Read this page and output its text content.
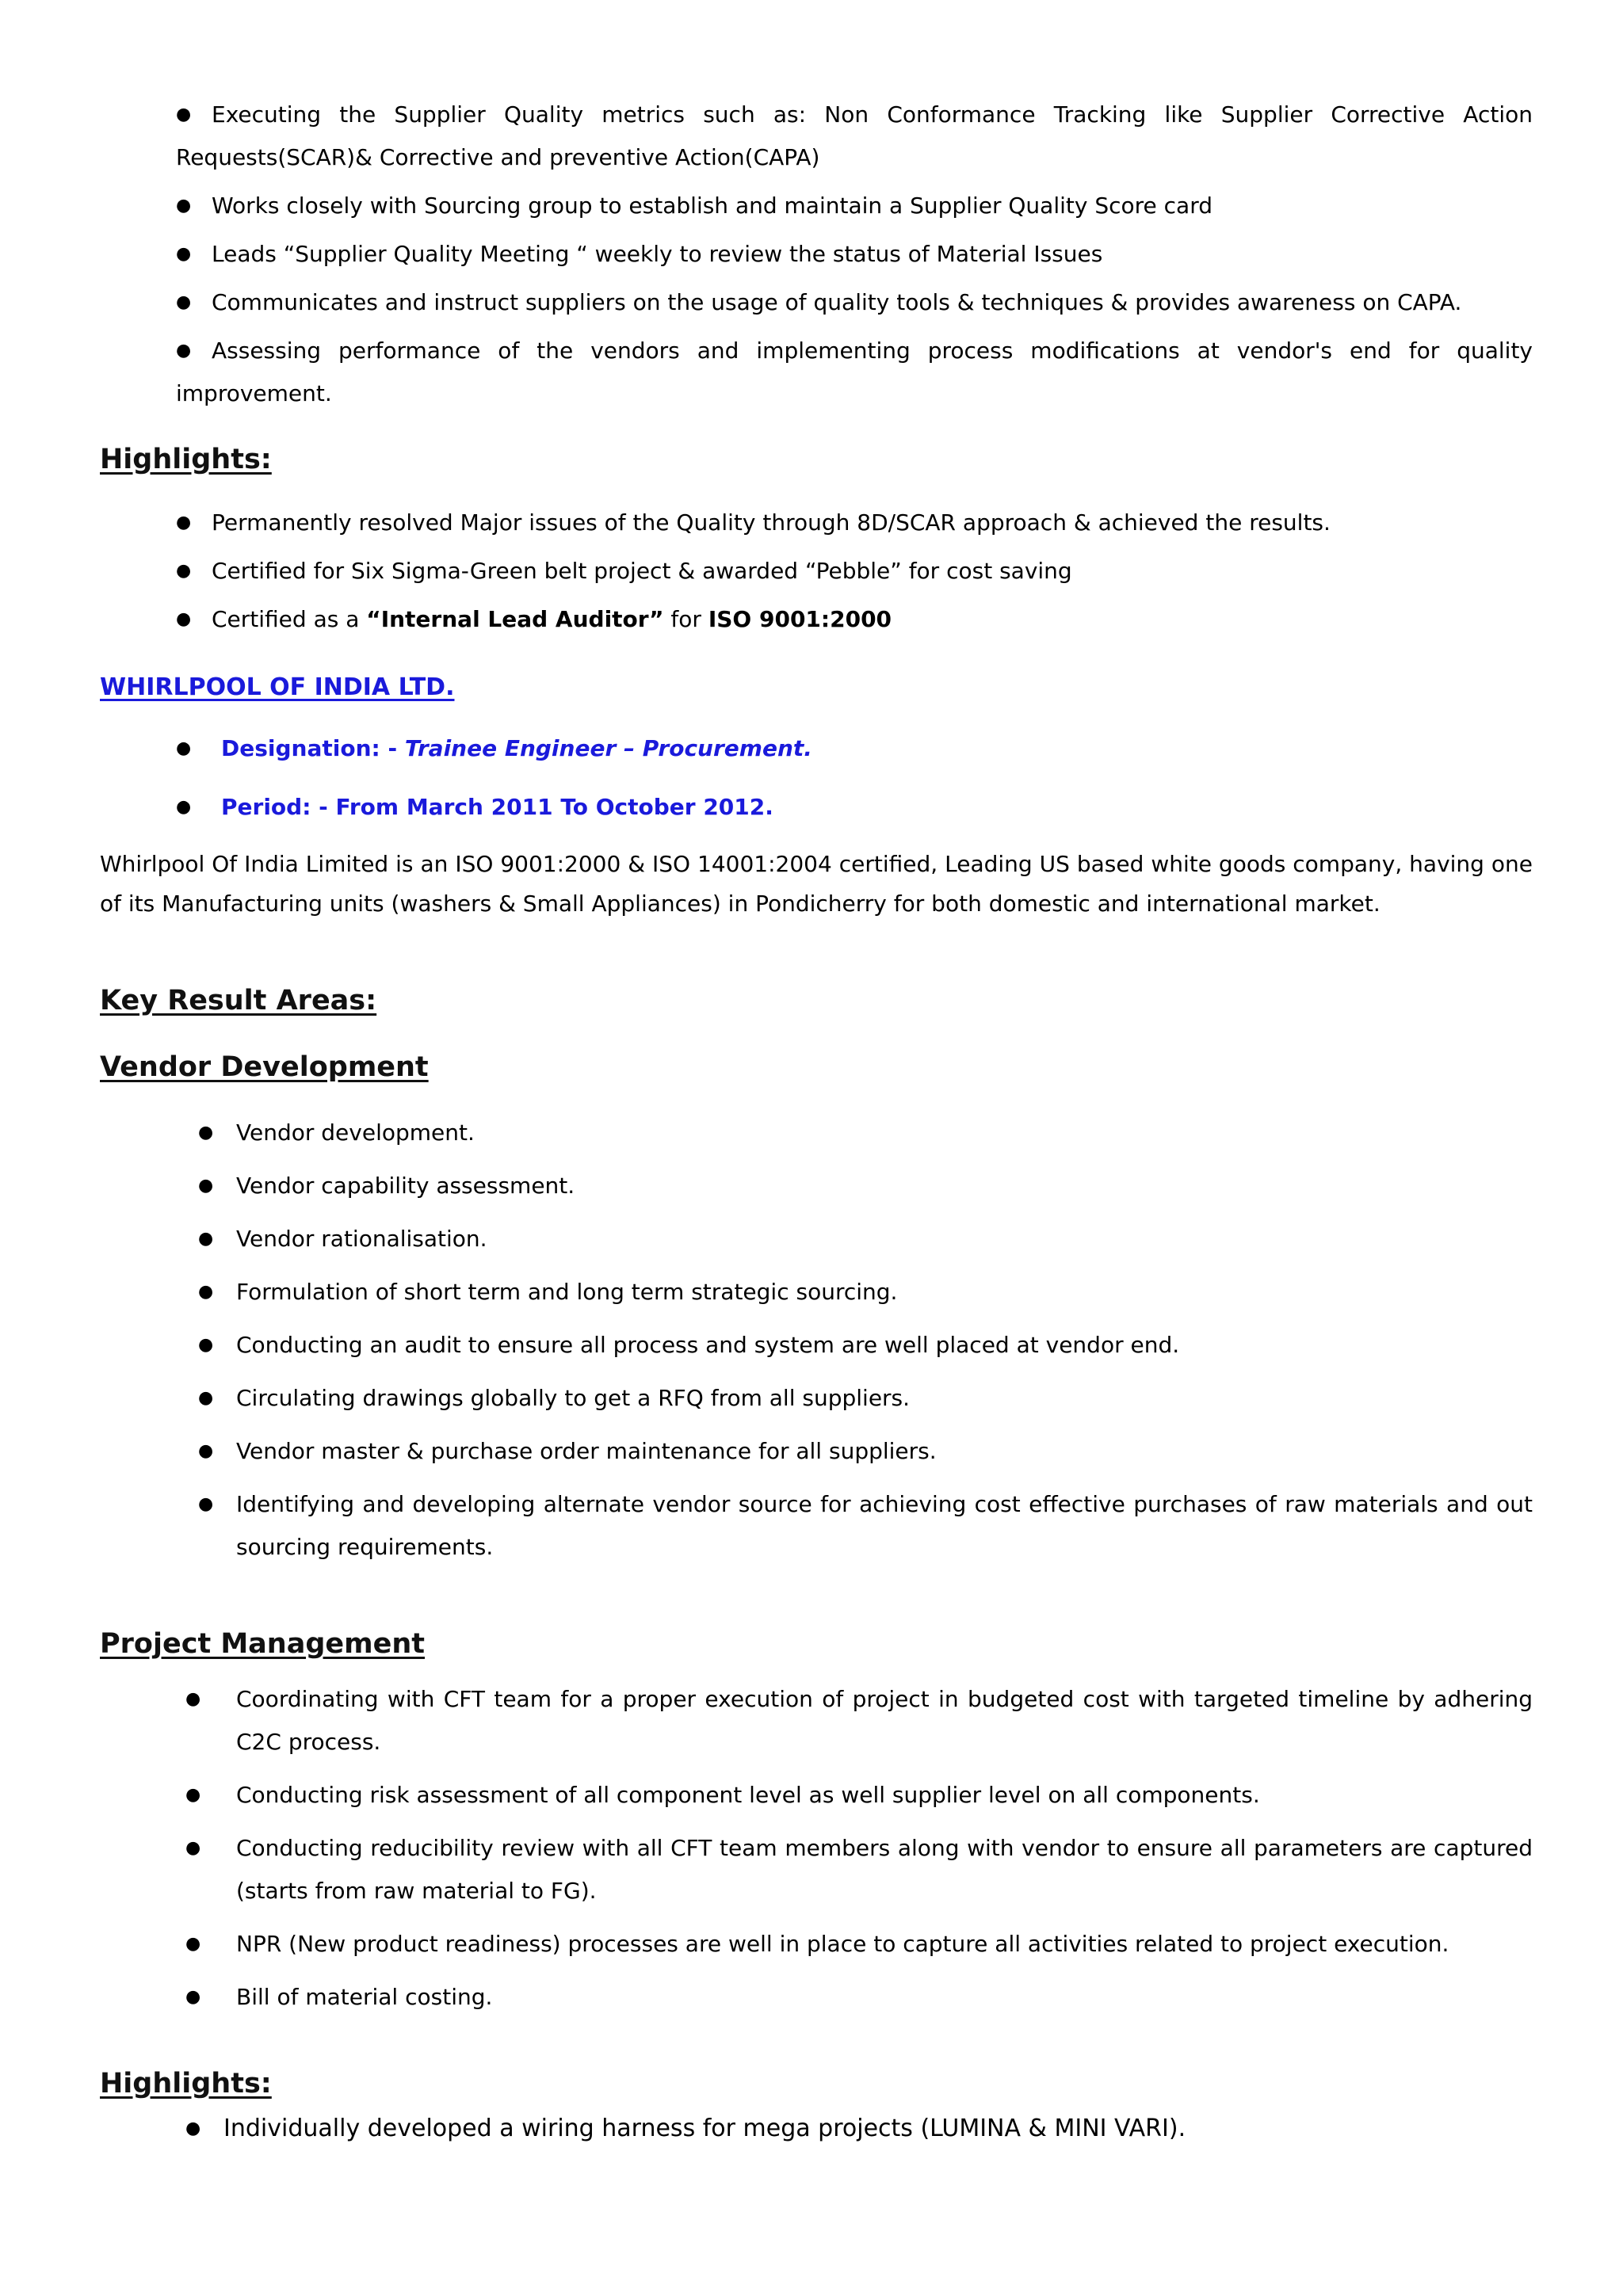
● Executing the Supplier Quality metrics such as: Non Conformance Tracking like Supplier Corrective Action Requests(SCAR)& Corrective and preventive Action(CAPA)
● Works closely with Sourcing group to establish and maintain a Supplier Quality Score card
● Leads “Supplier Quality Meeting “ weekly to review the status of Material Issues
● Communicates and instruct suppliers on the usage of quality tools & techniques & provides awareness on CAPA.
● Assessing performance of the vendors and implementing process modifications at vendor's end for quality improvement.
Highlights:
● Permanently resolved Major issues of the Quality through 8D/SCAR approach & achieved the results.
● Certified for Six Sigma-Green belt project & awarded “Pebble” for cost saving
● Certified as a “Internal Lead Auditor” for ISO 9001:2000
WHIRLPOOL OF INDIA LTD.
● Designation: - Trainee Engineer – Procurement.
● Period: - From March 2011 To October 2012.

Whirlpool Of India Limited is an ISO 9001:2000 & ISO 14001:2004 certified, Leading US based white goods company, having one of its Manufacturing units (washers & Small Appliances) in Pondicherry for both domestic and international market.

Key Result Areas:
Vendor Development
● Vendor development.
● Vendor capability assessment.
● Vendor rationalisation.
● Formulation of short term and long term strategic sourcing.
● Conducting an audit to ensure all process and system are well placed at vendor end.
● Circulating drawings globally to get a RFQ from all suppliers.
● Vendor master & purchase order maintenance for all suppliers.
● Identifying and developing alternate vendor source for achieving cost effective purchases of raw materials and out sourcing requirements.
Project Management
● Coordinating with CFT team for a proper execution of project in budgeted cost with targeted timeline by adhering C2C process.
● Conducting risk assessment of all component level as well supplier level on all components.
● Conducting reducibility review with all CFT team members along with vendor to ensure all parameters are captured (starts from raw material to FG).
● NPR (New product readiness) processes are well in place to capture all activities related to project execution.
● Bill of material costing.
Highlights:
● Individually developed a wiring harness for mega projects (LUMINA & MINI VARI).
